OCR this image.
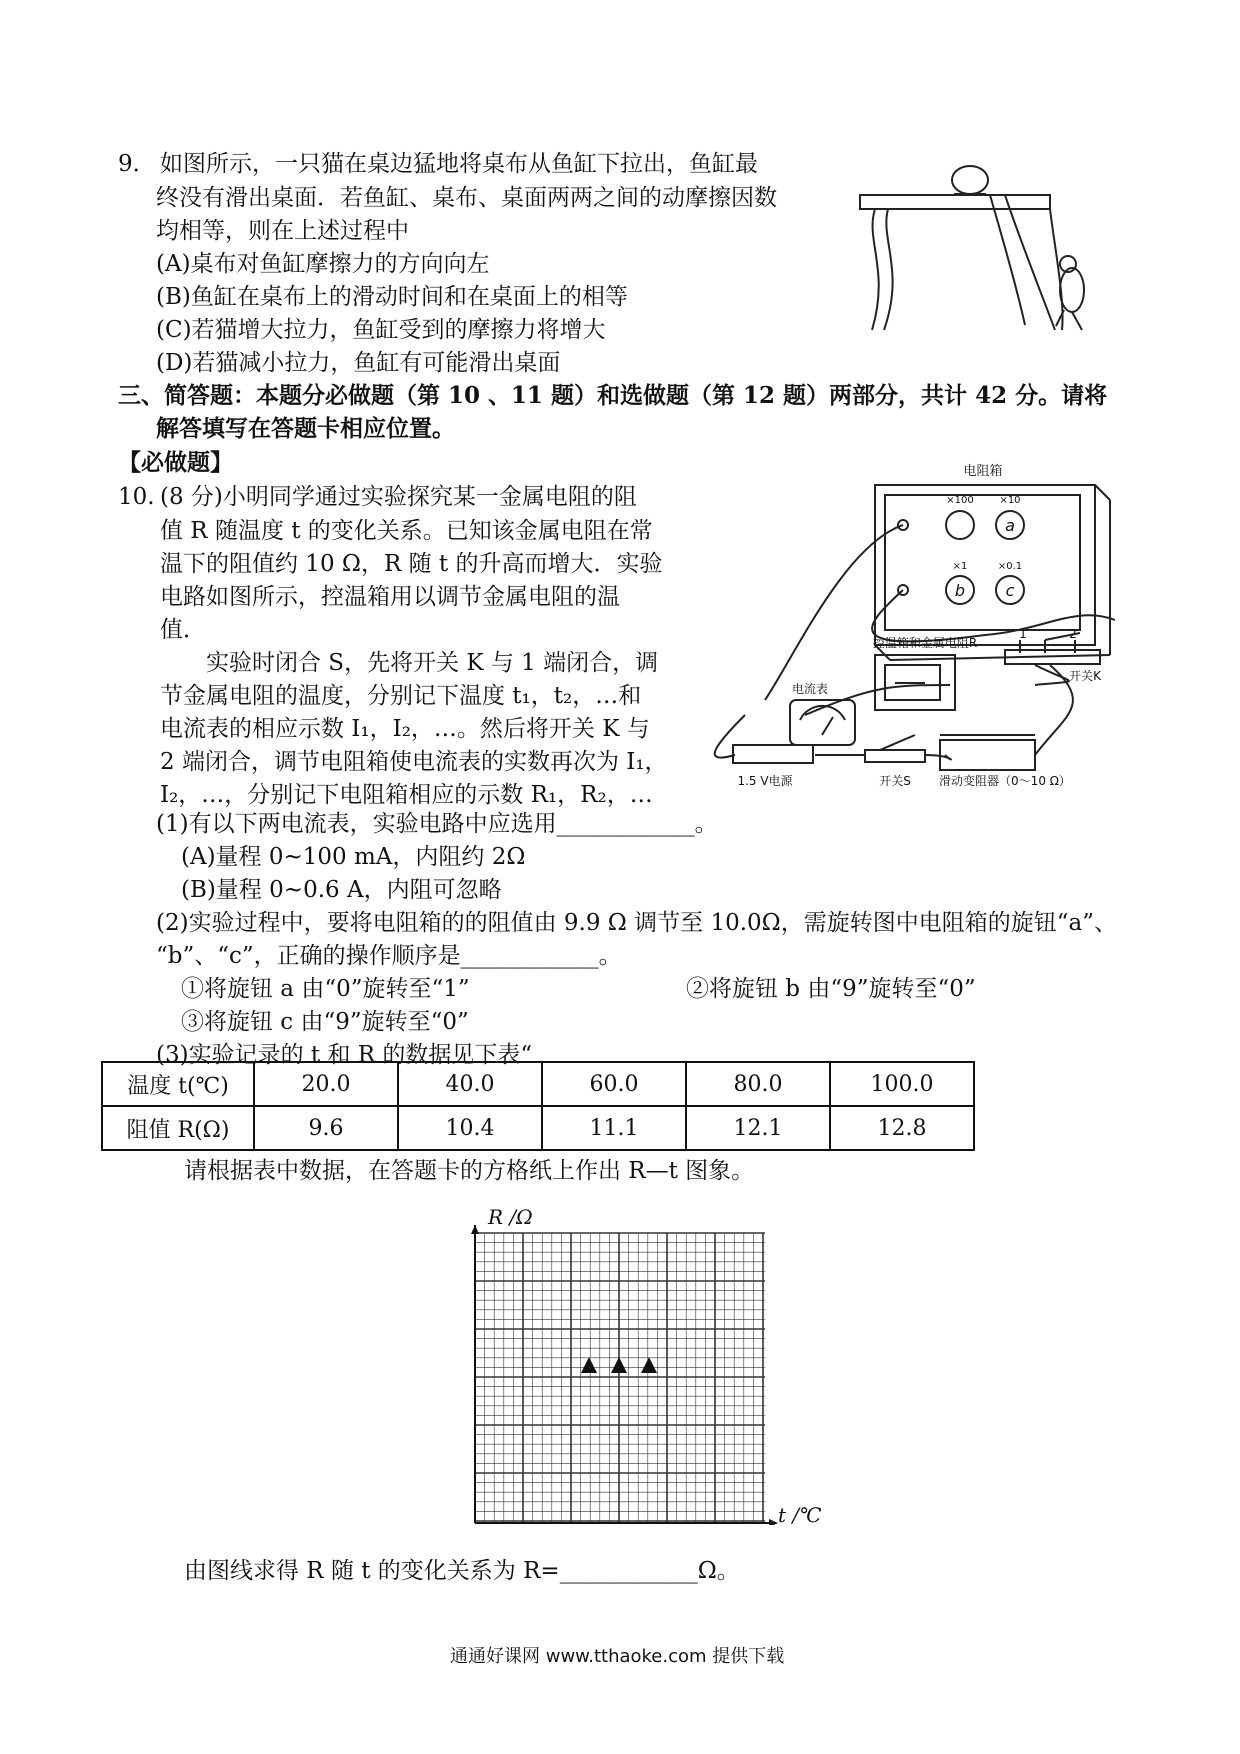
9． 如图所示，一只猫在桌边猛地将桌布从鱼缸下拉出，鱼缸最
终没有滑出桌面．若鱼缸、桌布、桌面两两之间的动摩擦因数
均相等，则在上述过程中
(A)桌布对鱼缸摩擦力的方向向左
(B)鱼缸在桌布上的滑动时间和在桌面上的相等
(C)若猫增大拉力，鱼缸受到的摩擦力将增大
(D)若猫减小拉力，鱼缸有可能滑出桌面
三、简答题：本题分必做题（第 10 、11 题）和选做题（第 12 题）两部分，共计 42 分。请将
解答填写在答题卡相应位置。
【必做题】
10. (8 分)小明同学通过实验探究某一金属电阻的阻
值 R 随温度 t 的变化关系。已知该金属电阻在常
温下的阻值约 10 Ω，R 随 t 的升高而增大．实验
电路如图所示，控温箱用以调节金属电阻的温
值．
实验时闭合 S，先将开关 K 与 1 端闭合，调
节金属电阻的温度，分别记下温度 t₁，t₂，…和
电流表的相应示数 I₁，I₂，…。然后将开关 K 与
2 端闭合，调节电阻箱使电流表的实数再次为 I₁，
I₂，…，分别记下电阻箱相应的示数 R₁，R₂，…
电阻箱
×100	×10
×1	×0.1
a
b	c
电流表
控温箱和金属电阻R
1	2
开关K
1.5 V电源	开关S 滑动变阻器（0～10 Ω）
(1)有以下两电流表，实验电路中应选用____________。
(A)量程 0~100 mA，内阻约 2Ω
(B)量程 0~0.6 A，内阻可忽略
(2)实验过程中，要将电阻箱的的阻值由 9.9 Ω 调节至 10.0Ω，需旋转图中电阻箱的旋钮“a”、
“b”、“c”，正确的操作顺序是____________。
①将旋钮 a 由“0”旋转至“1”	②将旋钮 b 由“9”旋转至“0”
③将旋钮 c 由“9”旋转至“0”
(3)实验记录的 t 和 R 的数据见下表“
温度 t(℃)	20.0	40.0	60.0	80.0	100.0
阻值 R(Ω)	9.6	10.4	11.1	12.1	12.8
请根据表中数据，在答题卡的方格纸上作出 R—t 图象。
R /Ω
t /℃
由图线求得 R 随 t 的变化关系为 R=____________Ω。
通通好课网 www.tthaoke.com 提供下载
